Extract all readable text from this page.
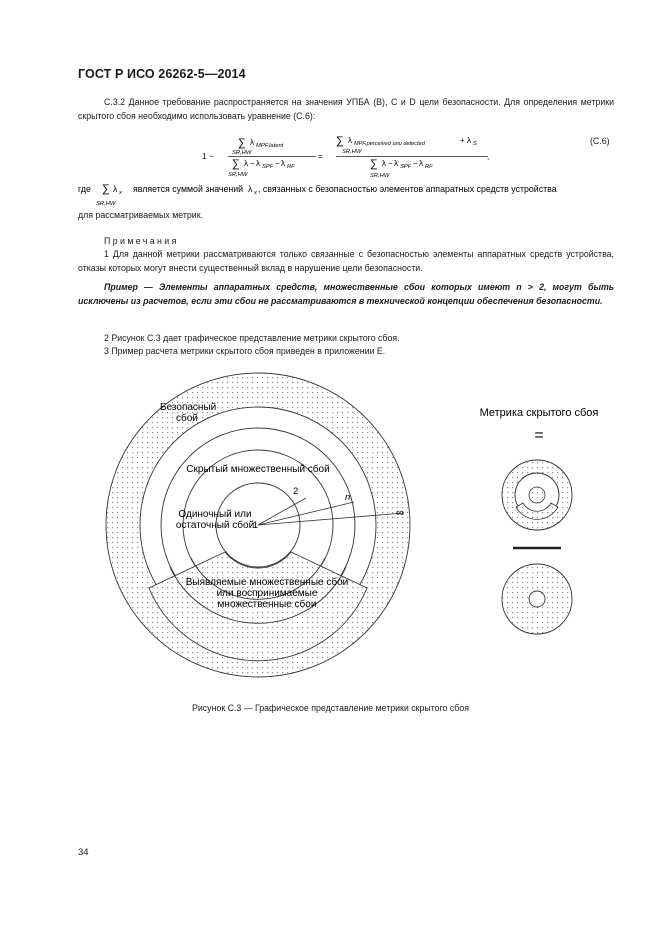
ГОСТ Р ИСО 26262-5—2014
С.3.2 Данное требование распространяется на значения УПБА (В), С и D цели безопасности. Для определения метрики скрытого сбоя необходимо использовать уравнение (С.6):
(С.6)
1 −
∑ λ MPF,latent
SR,HW
∑ λ − λ SPF − λ RF
SR,HW
=
∑ λ MPF,perceived или detected	+ λ S
SR,HW
∑ λ − λ SPF − λ RF
SR,HW
,
где ∑ λ x
SR,HW
является суммой значений λ x , связанных с безопасностью элементов аппаратных средств устройства
для рассматриваемых метрик.
Примечания
1 Для данной метрики рассматриваются только связанные с безопасностью элементы аппаратных средств устройства, отказы которых могут внести существенный вклад в нарушение цели безопасности.
Пример — Элементы аппаратных средств, множественные сбои которых имеют n > 2, могут быть исключены из расчетов, если эти сбои не рассматриваются в технической концепции обеспечения безопасности.
2 Рисунок С.3 дает графическое представление метрики скрытого сбоя.
3 Пример расчета метрики скрытого сбоя приведен в приложении Е.
Безопасный
сбой
Скрытый множественный сбой
Одиночный или
остаточный сбой
1
2
n
∞
Выявляемые множественные сбои
или воспринимаемые
множественные сбои
Метрика скрытого сбоя
=
Рисунок С.3 — Графическое представление метрики скрытого сбоя
34
